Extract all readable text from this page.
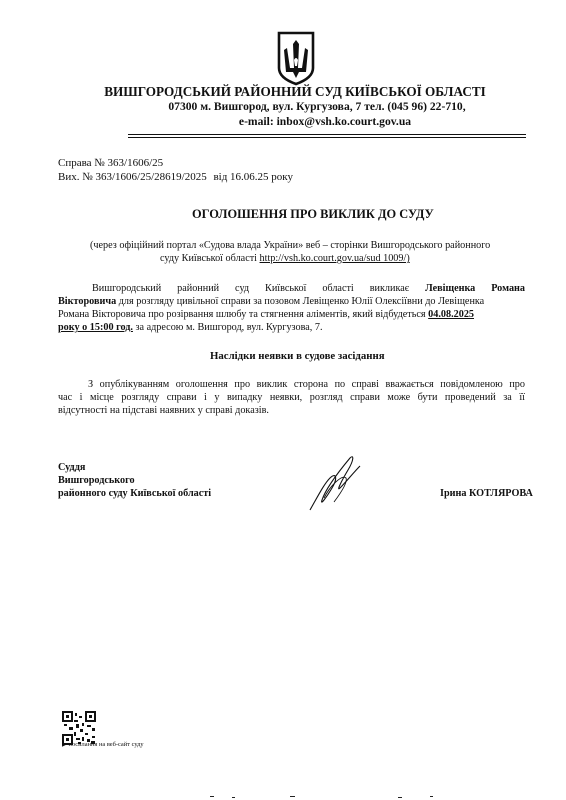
ВИШГОРОДСЬКИЙ РАЙОННИЙ СУД КИЇВСЬКОЇ ОБЛАСТІ
07300 м. Вишгород, вул. Кургузова, 7 тел. (045 96) 22-710,
e-mail: inbox@vsh.ko.court.gov.ua
Справа № 363/1606/25
Вих. № 363/1606/25/28619/2025 від 16.06.25 року
ОГОЛОШЕННЯ ПРО ВИКЛИК ДО СУДУ
(через офіційний портал «Судова влада України» веб – сторінки Вишгородського районного
суду Київської області http://vsh.ko.court.gov.ua/sud 1009/)
Вишгородський районний суд Київської області викликає Левіщенка Романа
Вікторовича для розгляду цивільної справи за позовом Левіщенко Юлії Олексіївни до Левіщенка
Романа Вікторовича про розірвання шлюбу та стягнення аліментів, який відбудеться 04.08.2025
року о 15:00 год. за адресою м. Вишгород, вул. Кургузова, 7.
Наслідки неявки в судове засідання
З опублікуванням оголошення про виклик сторона по справі вважається повідомленою про
час і місце розгляду справи і у випадку неявки, розгляд справи може бути проведений за її
відсутності на підставі наявних у справі доказів.
Суддя
Вишгородського
районного суду Київської області	Ірина КОТЛЯРОВА
▶ посилання на веб-сайт суду
